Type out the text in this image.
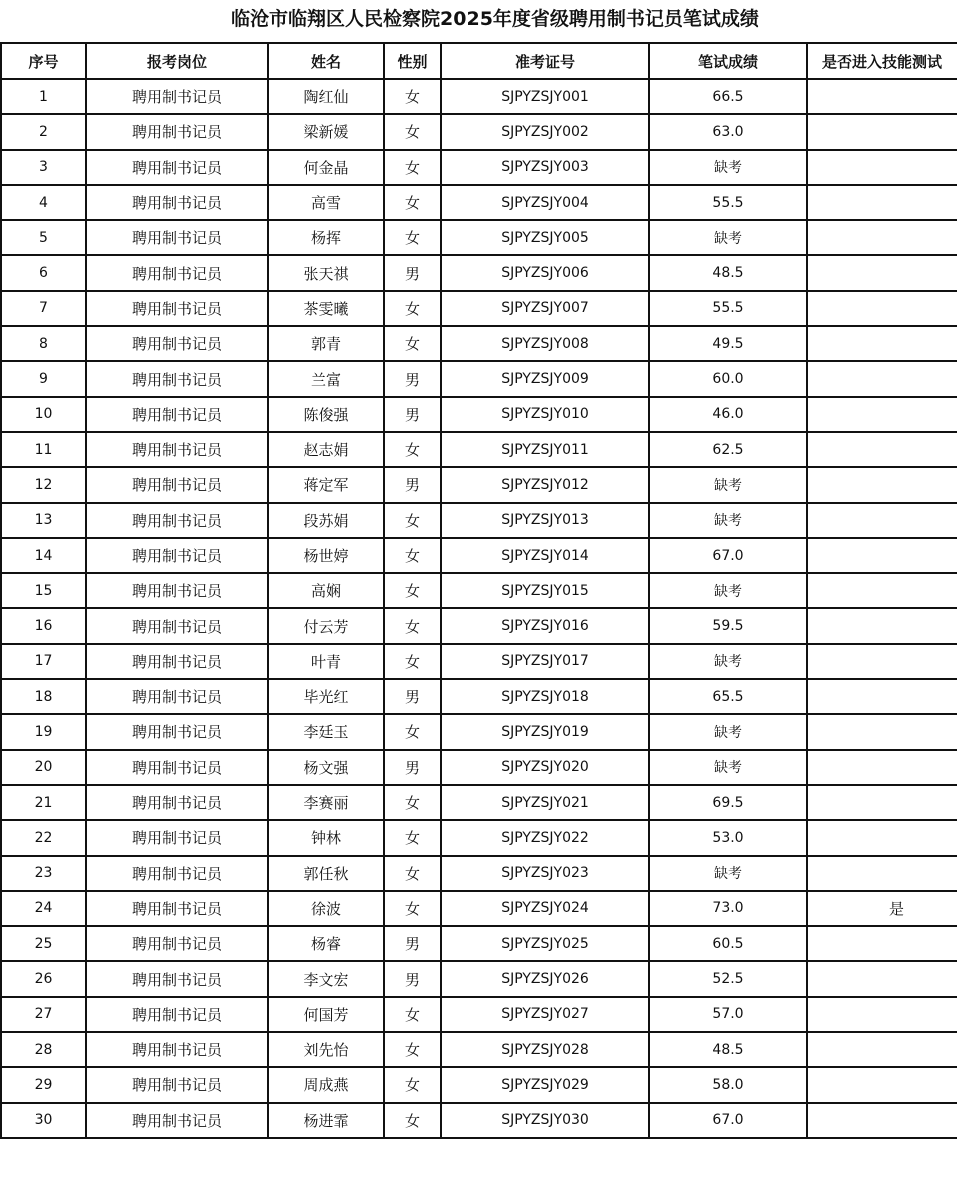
临沧市临翔区人民检察院2025年度省级聘用制书记员笔试成绩
序号	报考岗位	姓名	性别	准考证号	笔试成绩	是否进入技能测试
1	聘用制书记员	陶红仙	女	SJPYZSJY001	66.5	
2	聘用制书记员	梁新媛	女	SJPYZSJY002	63.0	
3	聘用制书记员	何金晶	女	SJPYZSJY003	缺考	
4	聘用制书记员	高雪	女	SJPYZSJY004	55.5	
5	聘用制书记员	杨挥	女	SJPYZSJY005	缺考	
6	聘用制书记员	张天祺	男	SJPYZSJY006	48.5	
7	聘用制书记员	茶雯曦	女	SJPYZSJY007	55.5	
8	聘用制书记员	郭青	女	SJPYZSJY008	49.5	
9	聘用制书记员	兰富	男	SJPYZSJY009	60.0	
10	聘用制书记员	陈俊强	男	SJPYZSJY010	46.0	
11	聘用制书记员	赵志娟	女	SJPYZSJY011	62.5	
12	聘用制书记员	蒋定军	男	SJPYZSJY012	缺考	
13	聘用制书记员	段苏娟	女	SJPYZSJY013	缺考	
14	聘用制书记员	杨世婷	女	SJPYZSJY014	67.0	
15	聘用制书记员	高娴	女	SJPYZSJY015	缺考	
16	聘用制书记员	付云芳	女	SJPYZSJY016	59.5	
17	聘用制书记员	叶青	女	SJPYZSJY017	缺考	
18	聘用制书记员	毕光红	男	SJPYZSJY018	65.5	
19	聘用制书记员	李廷玉	女	SJPYZSJY019	缺考	
20	聘用制书记员	杨文强	男	SJPYZSJY020	缺考	
21	聘用制书记员	李赛丽	女	SJPYZSJY021	69.5	
22	聘用制书记员	钟林	女	SJPYZSJY022	53.0	
23	聘用制书记员	郭任秋	女	SJPYZSJY023	缺考	
24	聘用制书记员	徐波	女	SJPYZSJY024	73.0	是
25	聘用制书记员	杨睿	男	SJPYZSJY025	60.5	
26	聘用制书记员	李文宏	男	SJPYZSJY026	52.5	
27	聘用制书记员	何国芳	女	SJPYZSJY027	57.0	
28	聘用制书记员	刘先怡	女	SJPYZSJY028	48.5	
29	聘用制书记员	周成燕	女	SJPYZSJY029	58.0	
30	聘用制书记员	杨进霏	女	SJPYZSJY030	67.0	
